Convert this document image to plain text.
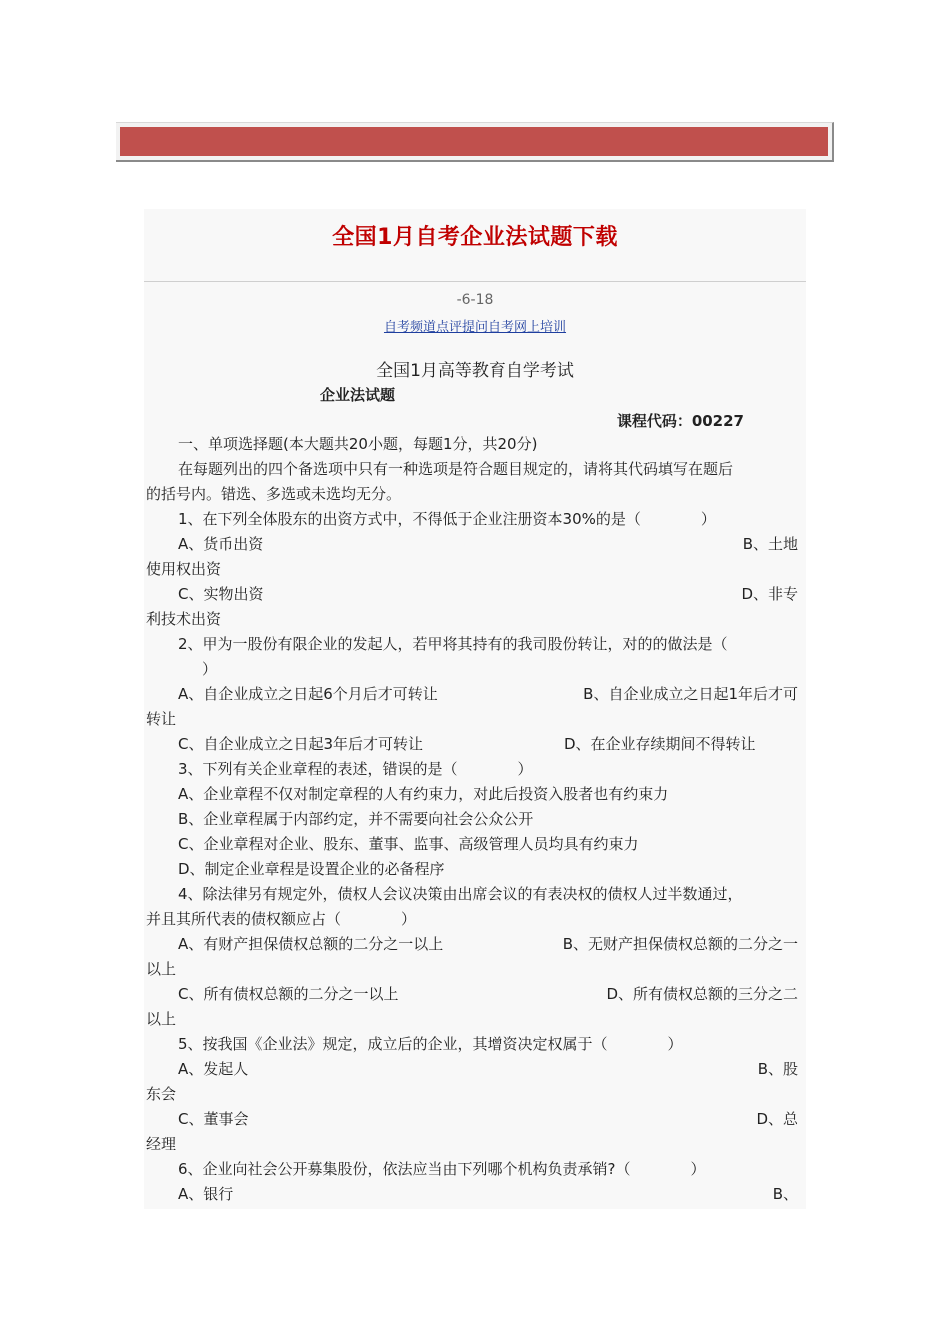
全国1月自考企业法试题下载
-6-18
自考频道点评提问自考网上培训
全国1月高等教育自学考试
企业法试题
课程代码：00227

一、单项选择题(本大题共20小题，每题1分，共20分)

在每题列出的四个备选项中只有一种选项是符合题目规定的，请将其代码填写在题后

的括号内。错选、多选或未选均无分。

1、在下列全体股东的出资方式中，不得低于企业注册资本30%的是（　　　　）

A、货币出资	B、土地

使用权出资

C、实物出资	D、非专

利技术出资

2、甲为一股份有限企业的发起人，若甲将其持有的我司股份转让，对的的做法是（

）

A、自企业成立之日起6个月后才可转让	B、自企业成立之日起1年后才可

转让

C、自企业成立之日起3年后才可转让	D、在企业存续期间不得转让

3、下列有关企业章程的表述，错误的是（　　　　）

A、企业章程不仅对制定章程的人有约束力，对此后投资入股者也有约束力

B、企业章程属于内部约定，并不需要向社会公众公开

C、企业章程对企业、股东、董事、监事、高级管理人员均具有约束力

D、制定企业章程是设置企业的必备程序

4、除法律另有规定外，债权人会议决策由出席会议的有表决权的债权人过半数通过，

并且其所代表的债权额应占（　　　　）

A、有财产担保债权总额的二分之一以上	B、无财产担保债权总额的二分之一

以上

C、所有债权总额的二分之一以上	D、所有债权总额的三分之二

以上

5、按我国《企业法》规定，成立后的企业，其增资决定权属于（　　　　）

A、发起人	B、股

东会

C、董事会	D、总

经理

6、企业向社会公开募集股份，依法应当由下列哪个机构负责承销?（　　　　）

A、银行	B、
